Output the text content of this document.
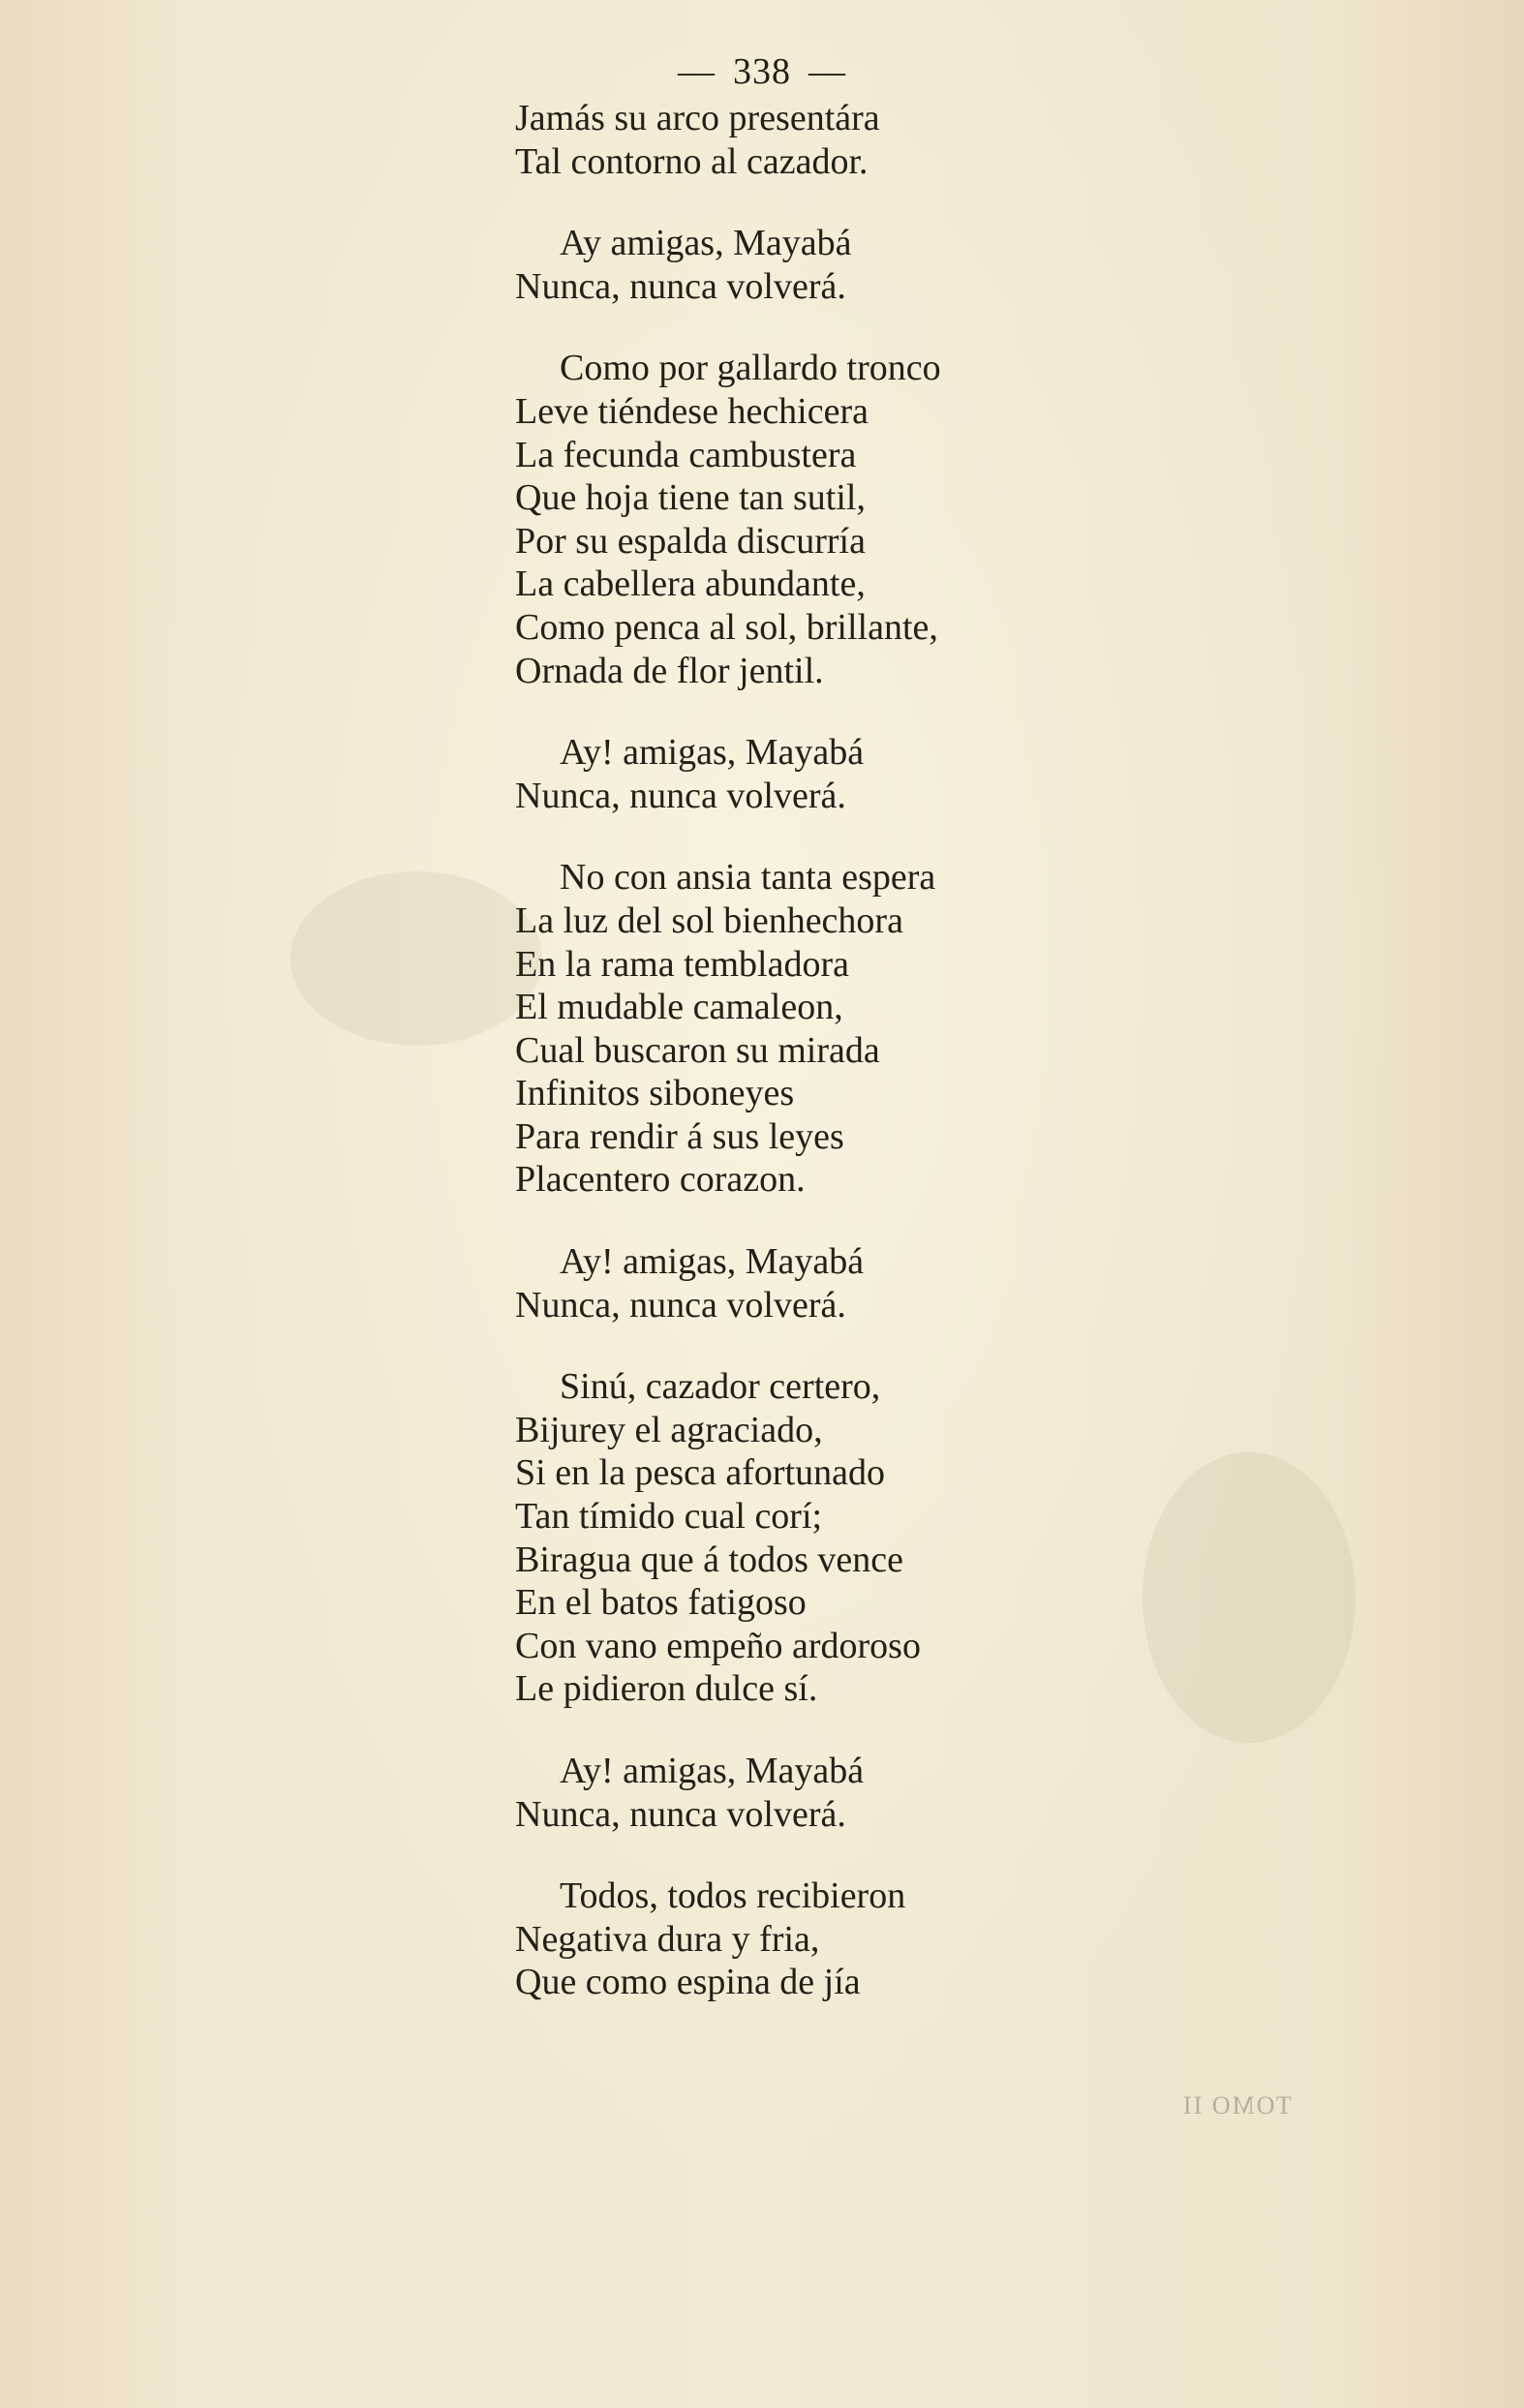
— 338 —
Jamás su arco presentára
Tal contorno al cazador.
Ay amigas, Mayabá
Nunca, nunca volverá.
Como por gallardo tronco
Leve tiéndese hechicera
La fecunda cambustera
Que hoja tiene tan sutil,
Por su espalda discurría
La cabellera abundante,
Como penca al sol, brillante,
Ornada de flor jentil.
Ay! amigas, Mayabá
Nunca, nunca volverá.
No con ansia tanta espera
La luz del sol bienhechora
En la rama tembladora
El mudable camaleon,
Cual buscaron su mirada
Infinitos siboneyes
Para rendir á sus leyes
Placentero corazon.
Ay! amigas, Mayabá
Nunca, nunca volverá.
Sinú, cazador certero,
Bijurey el agraciado,
Si en la pesca afortunado
Tan tímido cual corí;
Biragua que á todos vence
En el batos fatigoso
Con vano empeño ardoroso
Le pidieron dulce sí.
Ay! amigas, Mayabá
Nunca, nunca volverá.
Todos, todos recibieron
Negativa dura y fria,
Que como espina de jía
TOMO II
